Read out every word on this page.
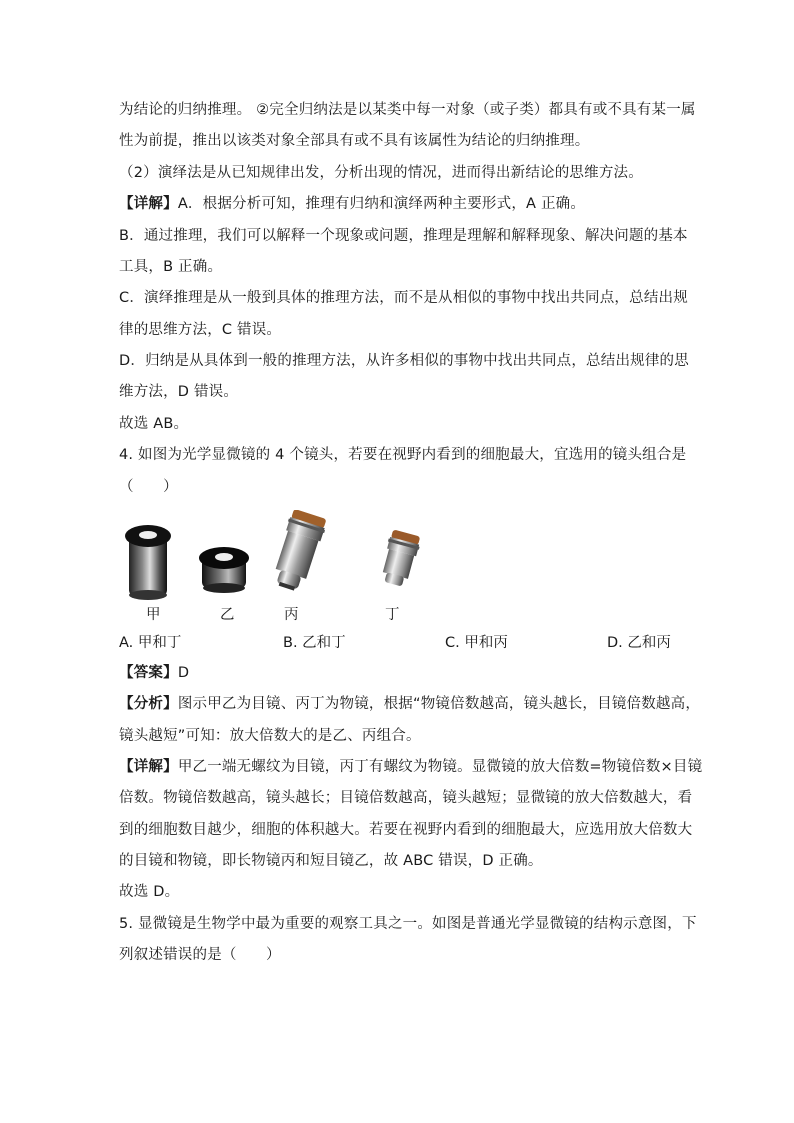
为结论的归纳推理。 ②完全归纳法是以某类中每一对象（或子类）都具有或不具有某一属
性为前提，推出以该类对象全部具有或不具有该属性为结论的归纳推理。
（2）演绎法是从已知规律出发，分析出现的情况，进而得出新结论的思维方法。
【详解】A．根据分析可知，推理有归纳和演绎两种主要形式，A 正确。
B．通过推理，我们可以解释一个现象或问题，推理是理解和解释现象、解决问题的基本
工具，B 正确。
C．演绎推理是从一般到具体的推理方法，而不是从相似的事物中找出共同点，总结出规
律的思维方法，C 错误。
D．归纳是从具体到一般的推理方法，从许多相似的事物中找出共同点，总结出规律的思
维方法，D 错误。
故选 AB。
4. 如图为光学显微镜的 4 个镜头，若要在视野内看到的细胞最大，宜选用的镜头组合是
（　　）
甲	乙	丙	丁
A. 甲和丁	B. 乙和丁	C. 甲和丙	D. 乙和丙
【答案】D
【分析】图示甲乙为目镜、丙丁为物镜，根据“物镜倍数越高，镜头越长，目镜倍数越高，
镜头越短”可知：放大倍数大的是乙、丙组合。
【详解】甲乙一端无螺纹为目镜，丙丁有螺纹为物镜。显微镜的放大倍数=物镜倍数×目镜
倍数。物镜倍数越高，镜头越长；目镜倍数越高，镜头越短；显微镜的放大倍数越大，看
到的细胞数目越少，细胞的体积越大。若要在视野内看到的细胞最大，应选用放大倍数大
的目镜和物镜，即长物镜丙和短目镜乙，故 ABC 错误，D 正确。
故选 D。
5. 显微镜是生物学中最为重要的观察工具之一。如图是普通光学显微镜的结构示意图，下
列叙述错误的是（　　）
